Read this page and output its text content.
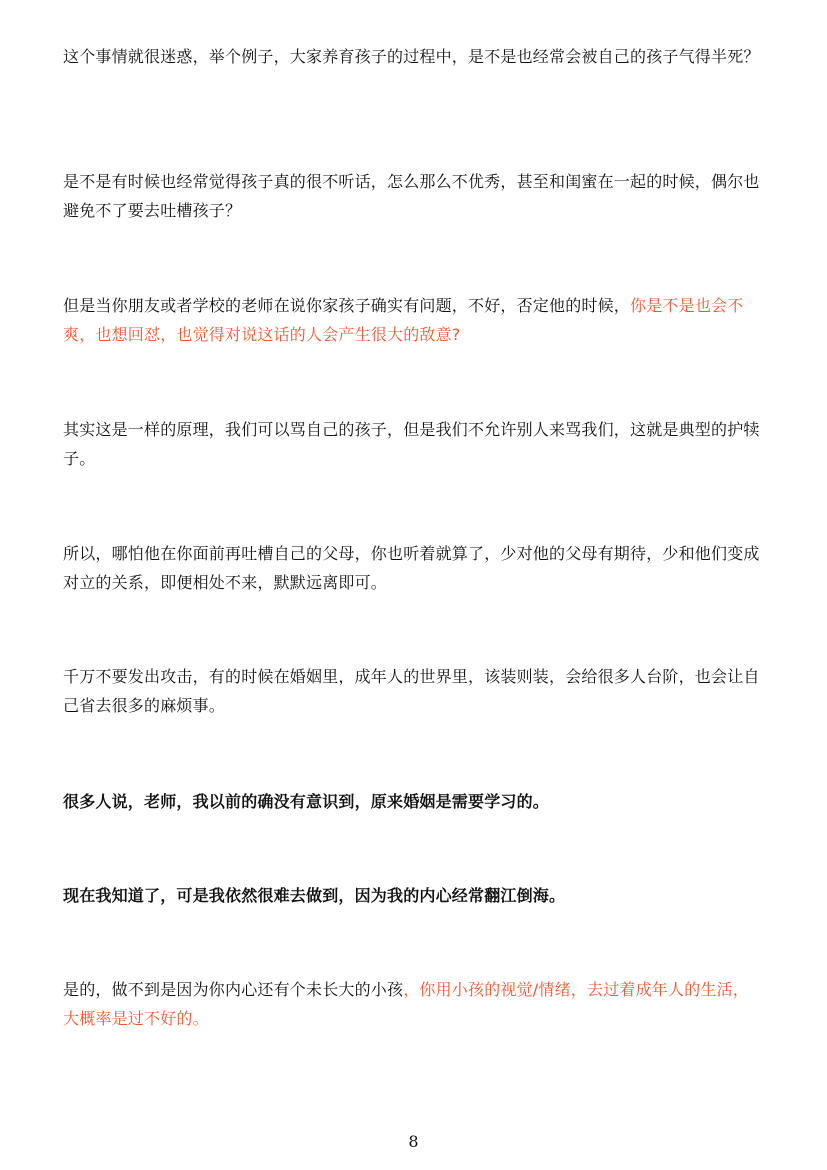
这个事情就很迷惑，举个例子，大家养育孩子的过程中，是不是也经常会被自己的孩子气得半死？

是不是有时候也经常觉得孩子真的很不听话，怎么那么不优秀，甚至和闺蜜在一起的时候，偶尔也避免不了要去吐槽孩子？

但是当你朋友或者学校的老师在说你家孩子确实有问题，不好，否定他的时候，你是不是也会不爽，也想回怼，也觉得对说这话的人会产生很大的敌意?

其实这是一样的原理，我们可以骂自己的孩子，但是我们不允许别人来骂我们，这就是典型的护犊子。

所以，哪怕他在你面前再吐槽自己的父母，你也听着就算了，少对他的父母有期待，少和他们变成对立的关系，即便相处不来，默默远离即可。

千万不要发出攻击，有的时候在婚姻里，成年人的世界里，该装则装，会给很多人台阶，也会让自己省去很多的麻烦事。

很多人说，老师，我以前的确没有意识到，原来婚姻是需要学习的。

现在我知道了，可是我依然很难去做到，因为我的内心经常翻江倒海。

是的，做不到是因为你内心还有个未长大的小孩，你用小孩的视觉/情绪，去过着成年人的生活，大概率是过不好的。

8
